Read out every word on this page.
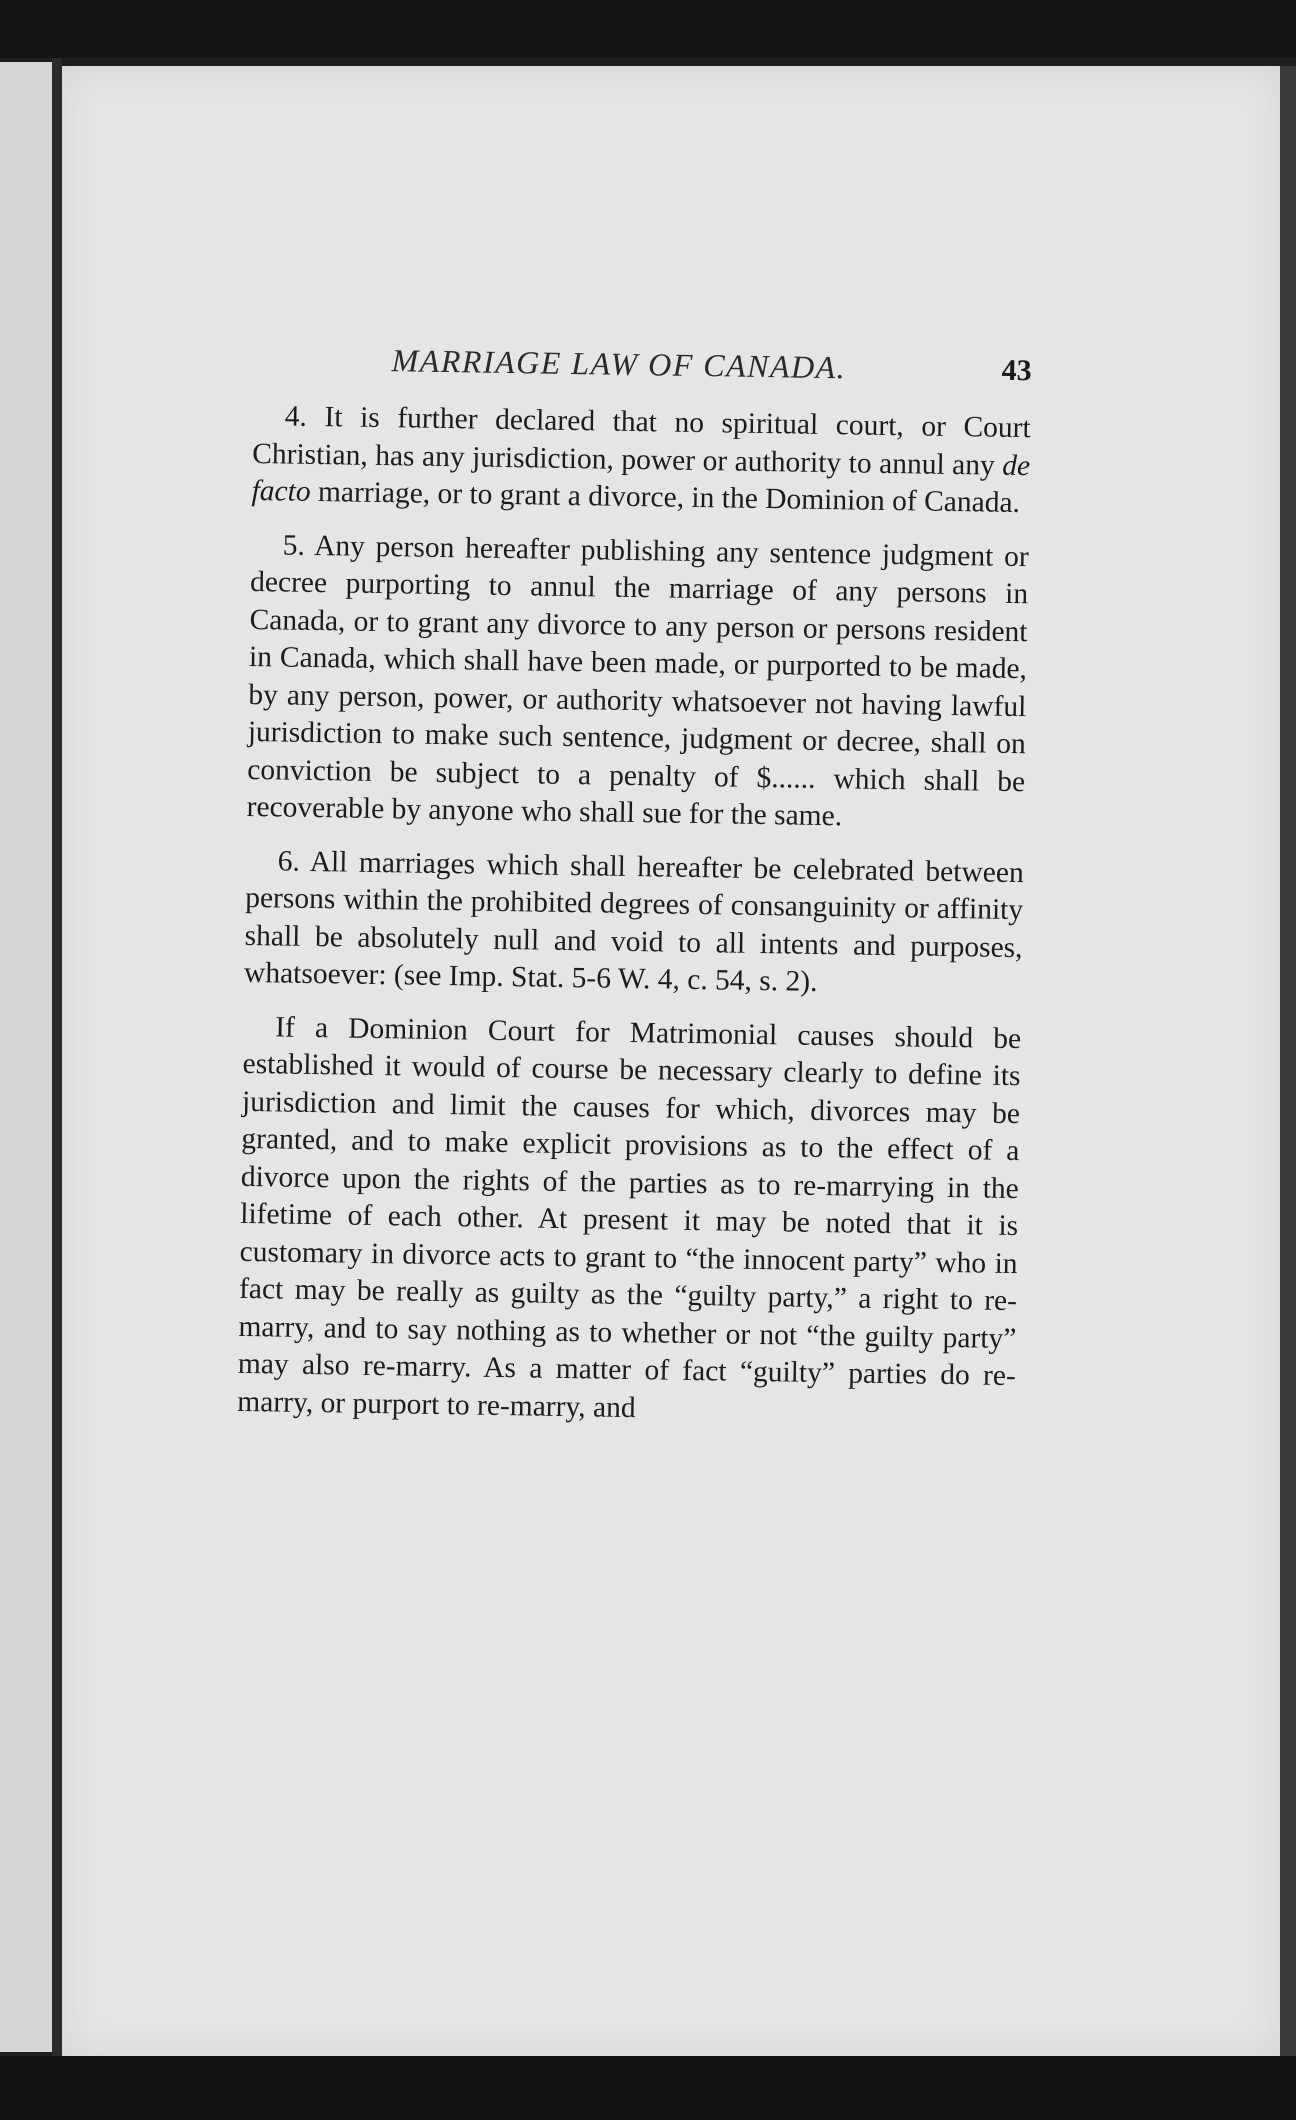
MARRIAGE LAW OF CANADA.	43

4. It is further declared that no spiritual court, or Court Christian, has any jurisdiction, power or authority to annul any de facto marriage, or to grant a divorce, in the Dominion of Canada.

5. Any person hereafter publishing any sentence judgment or decree purporting to annul the marriage of any persons in Canada, or to grant any divorce to any person or persons resident in Canada, which shall have been made, or purported to be made, by any person, power, or authority whatsoever not having lawful jurisdiction to make such sentence, judgment or decree, shall on conviction be subject to a penalty of $...... which shall be recoverable by anyone who shall sue for the same.

6. All marriages which shall hereafter be celebrated between persons within the prohibited degrees of consanguinity or affinity shall be absolutely null and void to all intents and purposes, whatsoever: (see Imp. Stat. 5-6 W. 4, c. 54, s. 2).

If a Dominion Court for Matrimonial causes should be established it would of course be necessary clearly to define its jurisdiction and limit the causes for which, divorces may be granted, and to make explicit provisions as to the effect of a divorce upon the rights of the parties as to re-marrying in the lifetime of each other. At present it may be noted that it is customary in divorce acts to grant to “the innocent party” who in fact may be really as guilty as the “guilty party,” a right to re-marry, and to say nothing as to whether or not “the guilty party” may also re-marry. As a matter of fact “guilty” parties do re-marry, or purport to re-marry, and
